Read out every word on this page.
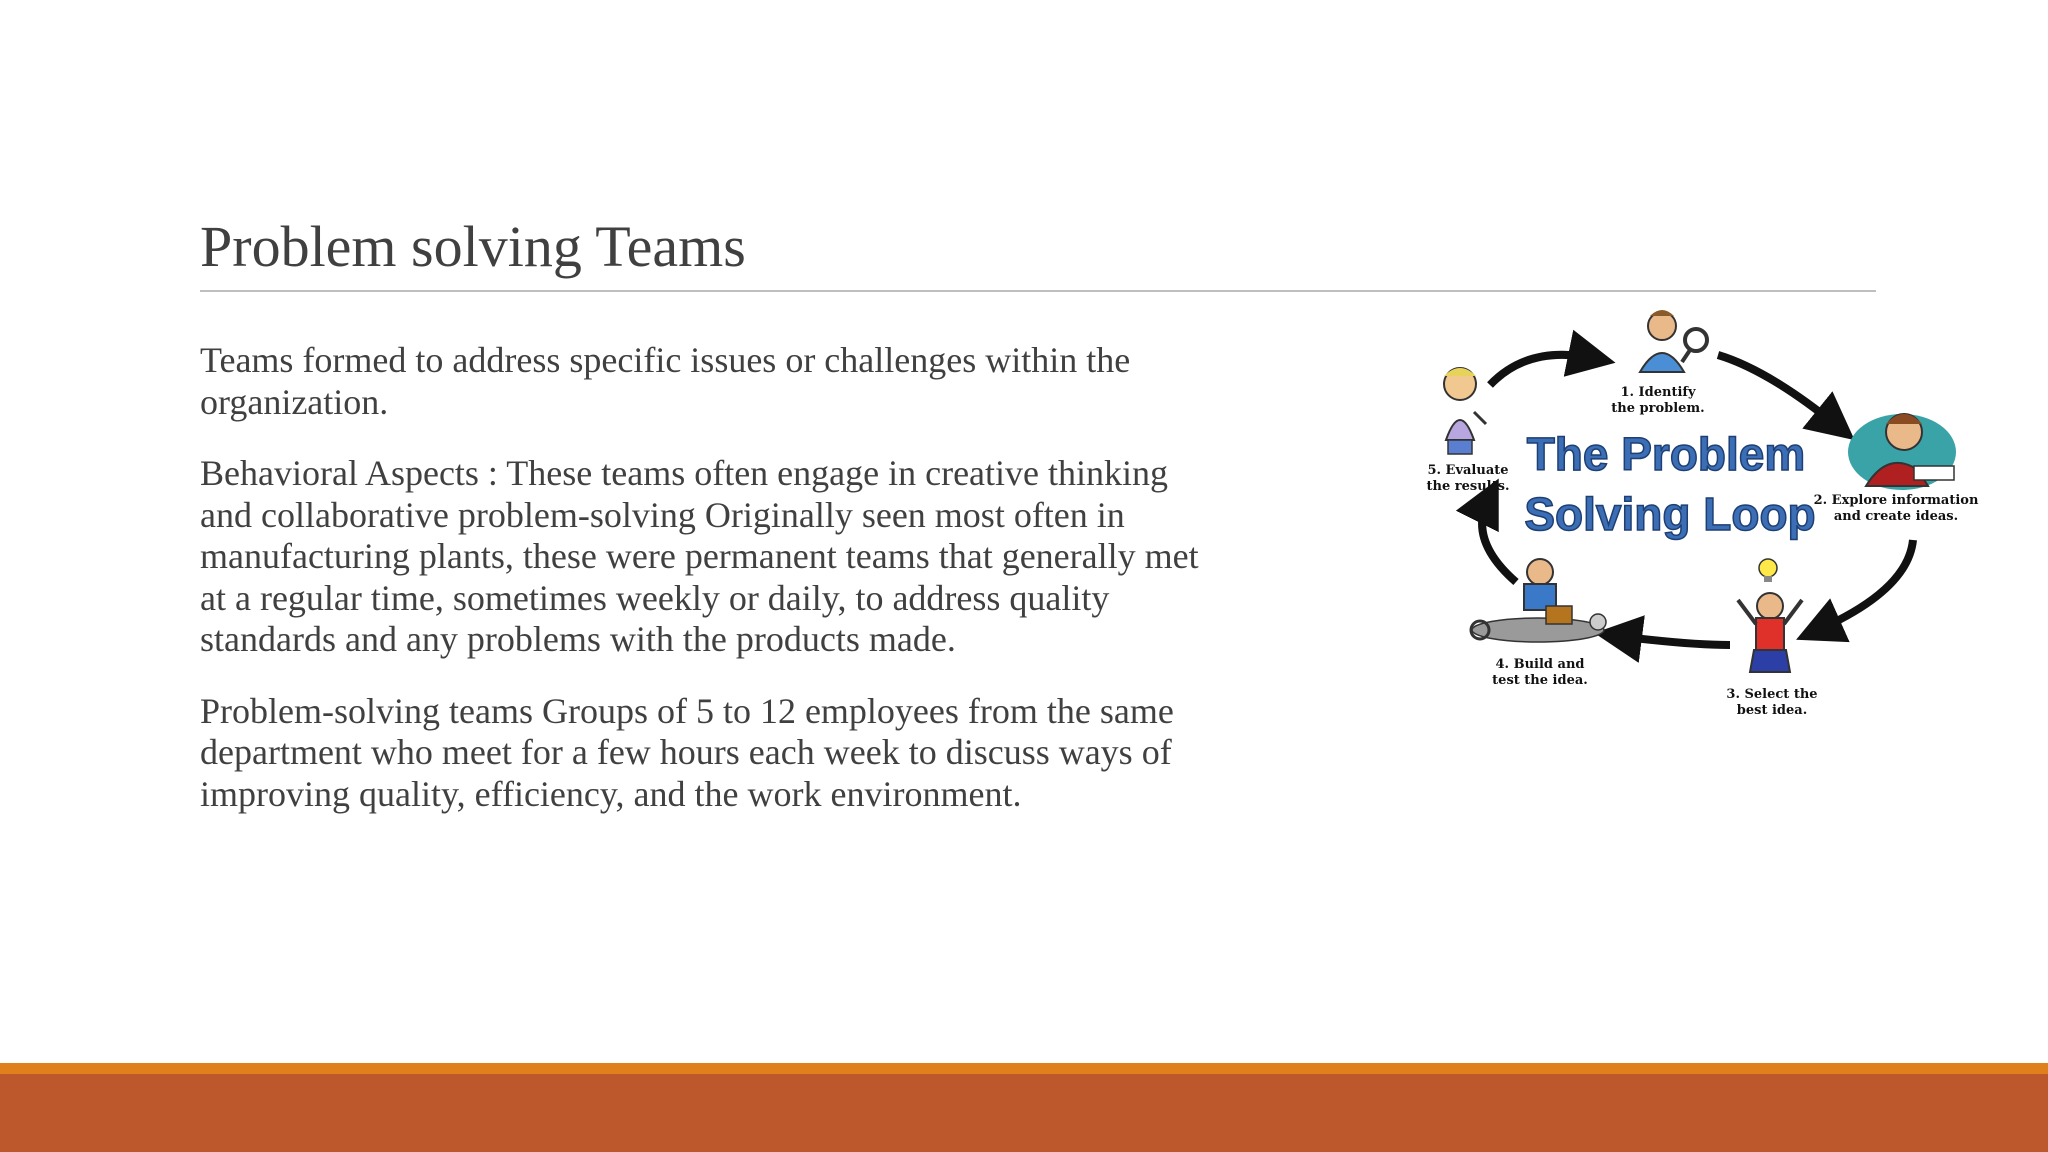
Problem solving Teams

Teams formed to address specific issues or challenges within the organization.

Behavioral Aspects : These teams often engage in creative thinking and collaborative problem-solving Originally seen most often in manufacturing plants, these were permanent teams that generally met at a regular time, sometimes weekly or daily, to address quality standards and any problems with the products made.

Problem-solving teams Groups of 5 to 12 employees from the same department who meet for a few hours each week to discuss ways of improving quality, efficiency, and the work environment.

The Problem
Solving Loop
1. Identify
the problem.
2. Explore information
and create ideas.
3. Select the
best idea.
4. Build and
test the idea.
5. Evaluate
the results.
